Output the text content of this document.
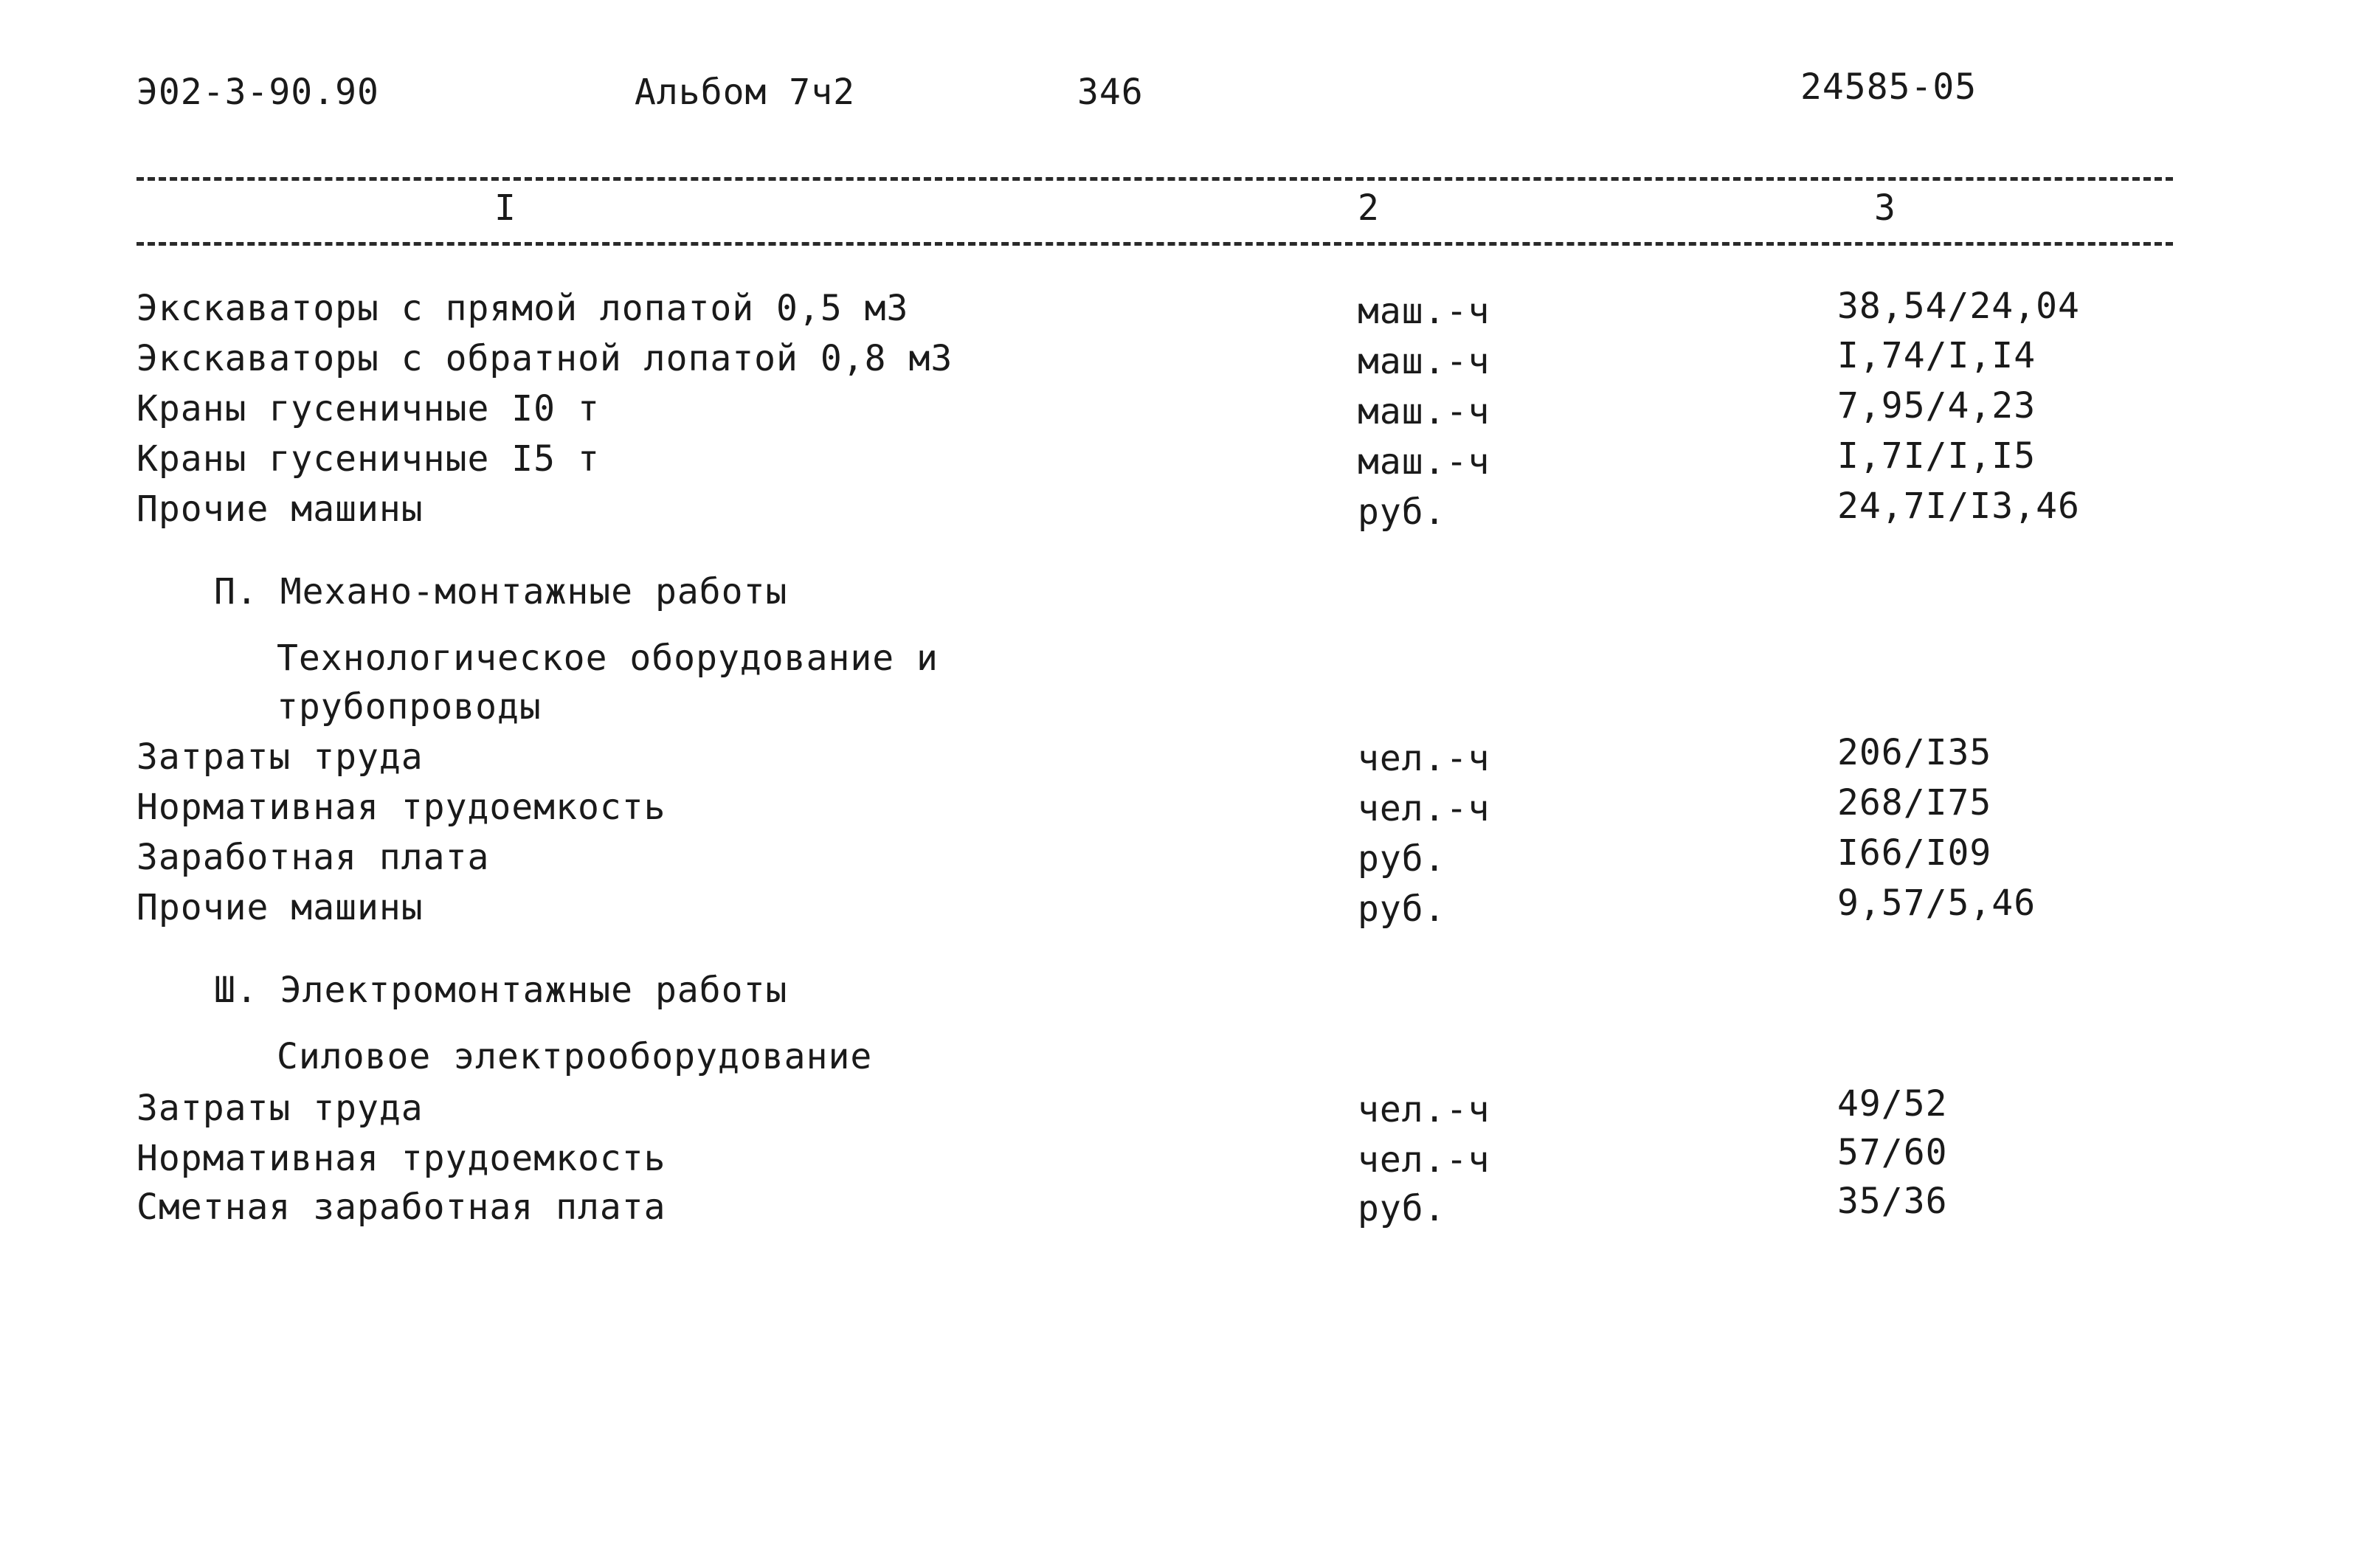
Э02-3-90.90	Альбом 7ч2	346	24585-05
I	2	3
Экскаваторы с прямой лопатой 0,5 м3	маш.-ч	38,54/24,04
Экскаваторы с обратной лопатой 0,8 м3	маш.-ч	I,74/I,I4
Краны гусеничные I0 т	маш.-ч	7,95/4,23
Краны гусеничные I5 т	маш.-ч	I,7I/I,I5
Прочие машины	руб.	24,7I/I3,46
П. Механо-монтажные работы
Технологическое оборудование и
трубопроводы
Затраты труда	чел.-ч	206/I35
Нормативная трудоемкость	чел.-ч	268/I75
Заработная плата	руб.	I66/I09
Прочие машины	руб.	9,57/5,46
Ш. Электромонтажные работы
Силовое электрооборудование
Затраты труда	чел.-ч	49/52
Нормативная трудоемкость	чел.-ч	57/60
Сметная заработная плата	руб.	35/36
